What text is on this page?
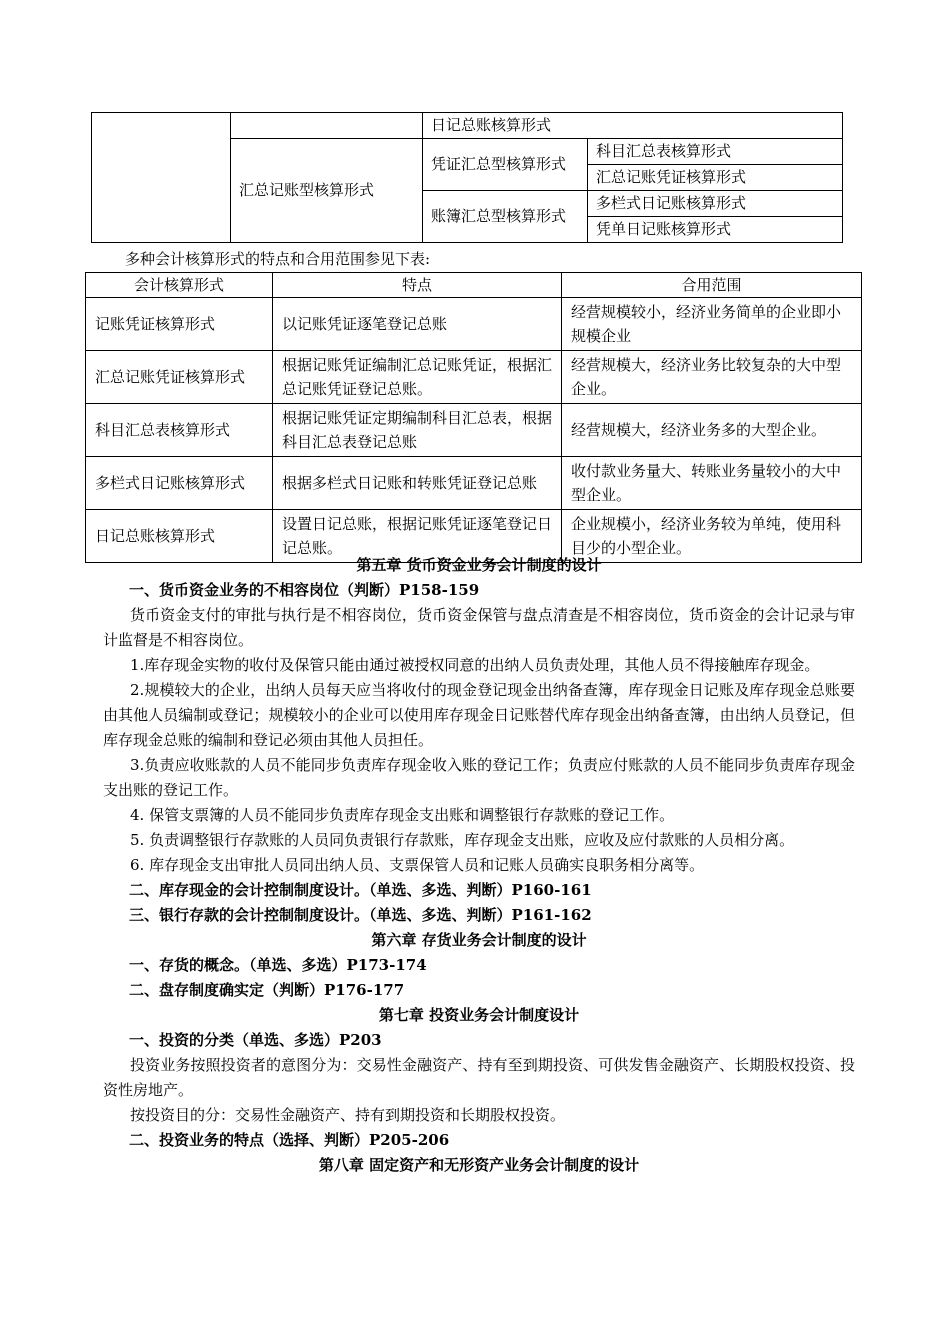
		日记总账核算形式	
	汇总记账型核算形式	凭证汇总型核算形式	科目汇总表核算形式
			汇总记账凭证核算形式
		账簿汇总型核算形式	多栏式日记账核算形式
			凭单日记账核算形式
多种会计核算形式的特点和合用范围参见下表:
会计核算形式	特点	合用范围
记账凭证核算形式	以记账凭证逐笔登记总账	经营规模较小，经济业务简单的企业即小规模企业
汇总记账凭证核算形式	根据记账凭证编制汇总记账凭证，根据汇总记账凭证登记总账。	经营规模大，经济业务比较复杂的大中型企业。
科目汇总表核算形式	根据记账凭证定期编制科目汇总表，根据科目汇总表登记总账	经营规模大，经济业务多的大型企业。
多栏式日记账核算形式	根据多栏式日记账和转账凭证登记总账	收付款业务量大、转账业务量较小的大中型企业。
日记总账核算形式	设置日记总账，根据记账凭证逐笔登记日记总账。	企业规模小，经济业务较为单纯，使用科目少的小型企业。

第五章 货币资金业务会计制度的设计

一、货币资金业务的不相容岗位（判断）P158-159

货币资金支付的审批与执行是不相容岗位，货币资金保管与盘点清查是不相容岗位，货币资金的会计记录与审计监督是不相容岗位。

1.库存现金实物的收付及保管只能由通过被授权同意的出纳人员负责处理，其他人员不得接触库存现金。

2.规模较大的企业，出纳人员每天应当将收付的现金登记现金出纳备查簿，库存现金日记账及库存现金总账要由其他人员编制或登记；规模较小的企业可以使用库存现金日记账替代库存现金出纳备查簿，由出纳人员登记，但库存现金总账的编制和登记必须由其他人员担任。

3.负责应收账款的人员不能同步负责库存现金收入账的登记工作；负责应付账款的人员不能同步负责库存现金支出账的登记工作。

4. 保管支票簿的人员不能同步负责库存现金支出账和调整银行存款账的登记工作。

5. 负责调整银行存款账的人员同负责银行存款账，库存现金支出账，应收及应付款账的人员相分离。

6. 库存现金支出审批人员同出纳人员、支票保管人员和记账人员确实良职务相分离等。

二、库存现金的会计控制制度设计。（单选、多选、判断）P160-161

三、银行存款的会计控制制度设计。（单选、多选、判断）P161-162

第六章 存货业务会计制度的设计

一、存货的概念。（单选、多选）P173-174

二、盘存制度确实定（判断）P176-177

第七章 投资业务会计制度设计

一、投资的分类（单选、多选）P203

投资业务按照投资者的意图分为：交易性金融资产、持有至到期投资、可供发售金融资产、长期股权投资、投资性房地产。

按投资目的分：交易性金融资产、持有到期投资和长期股权投资。

二、投资业务的特点（选择、判断）P205-206

第八章 固定资产和无形资产业务会计制度的设计
